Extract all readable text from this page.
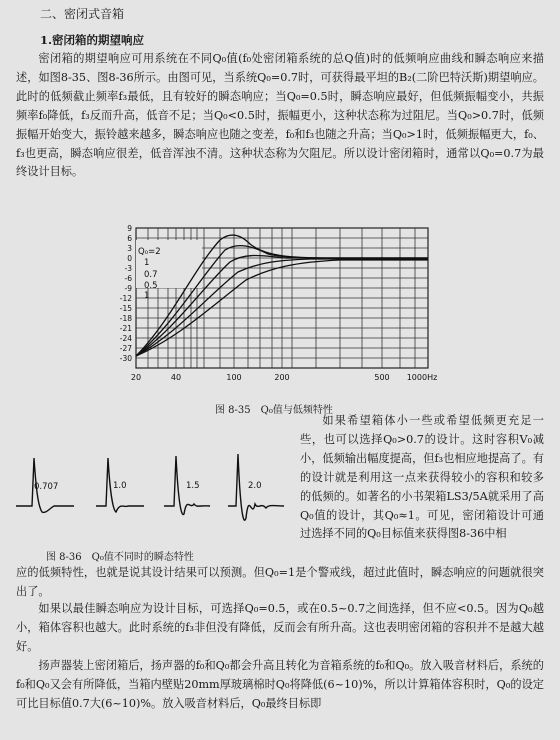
二、密闭式音箱
1.密闭箱的期望响应
密闭箱的期望响应可用系统在不同Q₀值(f₀处密闭箱系统的总Q值)时的低频响应曲线和瞬态响应来描述，如图8-35、图8-36所示。由图可见，当系统Q₀=0.7时，可获得最平坦的B₂(二阶巴特沃斯)期望响应。此时的低频截止频率f₃最低，且有较好的瞬态响应；当Q₀=0.5时，瞬态响应最好，但低频振幅变小，共振频率f₀降低，f₃反而升高，低音不足；当Q₀<0.5时，振幅更小，这种状态称为过阻尼。当Q₀>0.7时，低频振幅开始变大，振铃越来越多，瞬态响应也随之变差，f₀和f₃也随之升高；当Q₀>1时，低频振幅更大，f₀、f₃也更高，瞬态响应很差，低音浑浊不清。这种状态称为欠阻尼。所以设计密闭箱时，通常以Q₀=0.7为最终设计目标。
Q₀=2
1
0.7
0.5
1
9
6
3
0
-3
-6
-9
-12
-15
-18
-21
-24
-27
-30
20	40	100	200	500 1000Hz
图 8-35　Q₀值与低频特性
0.707	1.0	1.5	2.0
图 8-36　Q₀值不同时的瞬态特性
如果希望箱体小一些或希望低频更充足一些，也可以选择Q₀>0.7的设计。这时容积V₀减小，低频输出幅度提高，但f₃也相应地提高了。有的设计就是利用这一点来获得较小的容积和较多的低频的。如著名的小书架箱LS3/5A就采用了高Q₀值的设计，其Q₀≈1。可见，密闭箱设计可通过选择不同的Q₀目标值来获得图8-36中相
应的低频特性，也就是说其设计结果可以预测。但Q₀=1是个警戒线，超过此值时，瞬态响应的问题就很突出了。
如果以最佳瞬态响应为设计目标，可选择Q₀=0.5，或在0.5~0.7之间选择，但不应<0.5。因为Q₀越小，箱体容积也越大。此时系统的f₃非但没有降低，反而会有所升高。这也表明密闭箱的容积并不是越大越好。
扬声器装上密闭箱后，扬声器的f₀和Q₀都会升高且转化为音箱系统的f₀和Q₀。放入吸音材料后，系统的f₀和Q₀又会有所降低，当箱内壁贴20mm厚玻璃棉时Q₀将降低(6~10)%，所以计算箱体容积时，Q₀的设定可比目标值0.7大(6~10)%。放入吸音材料后，Q₀最终目标即
